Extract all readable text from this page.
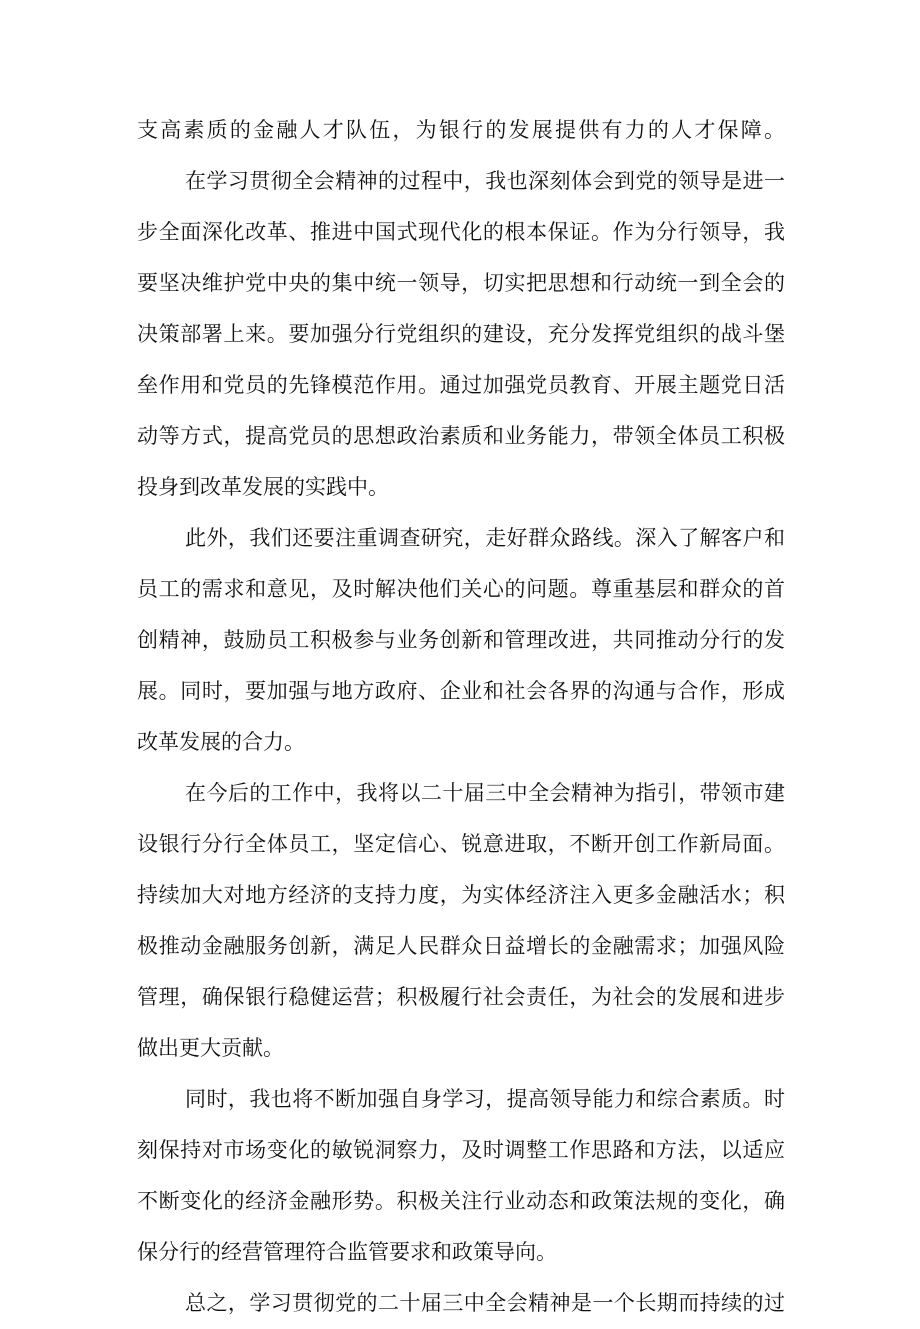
支高素质的金融人才队伍，为银行的发展提供有力的人才保障。
在学习贯彻全会精神的过程中，我也深刻体会到党的领导是进一
步全面深化改革、推进中国式现代化的根本保证。作为分行领导，我
要坚决维护党中央的集中统一领导，切实把思想和行动统一到全会的
决策部署上来。要加强分行党组织的建设，充分发挥党组织的战斗堡
垒作用和党员的先锋模范作用。通过加强党员教育、开展主题党日活
动等方式，提高党员的思想政治素质和业务能力，带领全体员工积极
投身到改革发展的实践中。
此外，我们还要注重调查研究，走好群众路线。深入了解客户和
员工的需求和意见，及时解决他们关心的问题。尊重基层和群众的首
创精神，鼓励员工积极参与业务创新和管理改进，共同推动分行的发
展。同时，要加强与地方政府、企业和社会各界的沟通与合作，形成
改革发展的合力。
在今后的工作中，我将以二十届三中全会精神为指引，带领市建
设银行分行全体员工，坚定信心、锐意进取，不断开创工作新局面。
持续加大对地方经济的支持力度，为实体经济注入更多金融活水；积
极推动金融服务创新，满足人民群众日益增长的金融需求；加强风险
管理，确保银行稳健运营；积极履行社会责任，为社会的发展和进步
做出更大贡献。
同时，我也将不断加强自身学习，提高领导能力和综合素质。时
刻保持对市场变化的敏锐洞察力，及时调整工作思路和方法，以适应
不断变化的经济金融形势。积极关注行业动态和政策法规的变化，确
保分行的经营管理符合监管要求和政策导向。
总之，学习贯彻党的二十届三中全会精神是一个长期而持续的过
